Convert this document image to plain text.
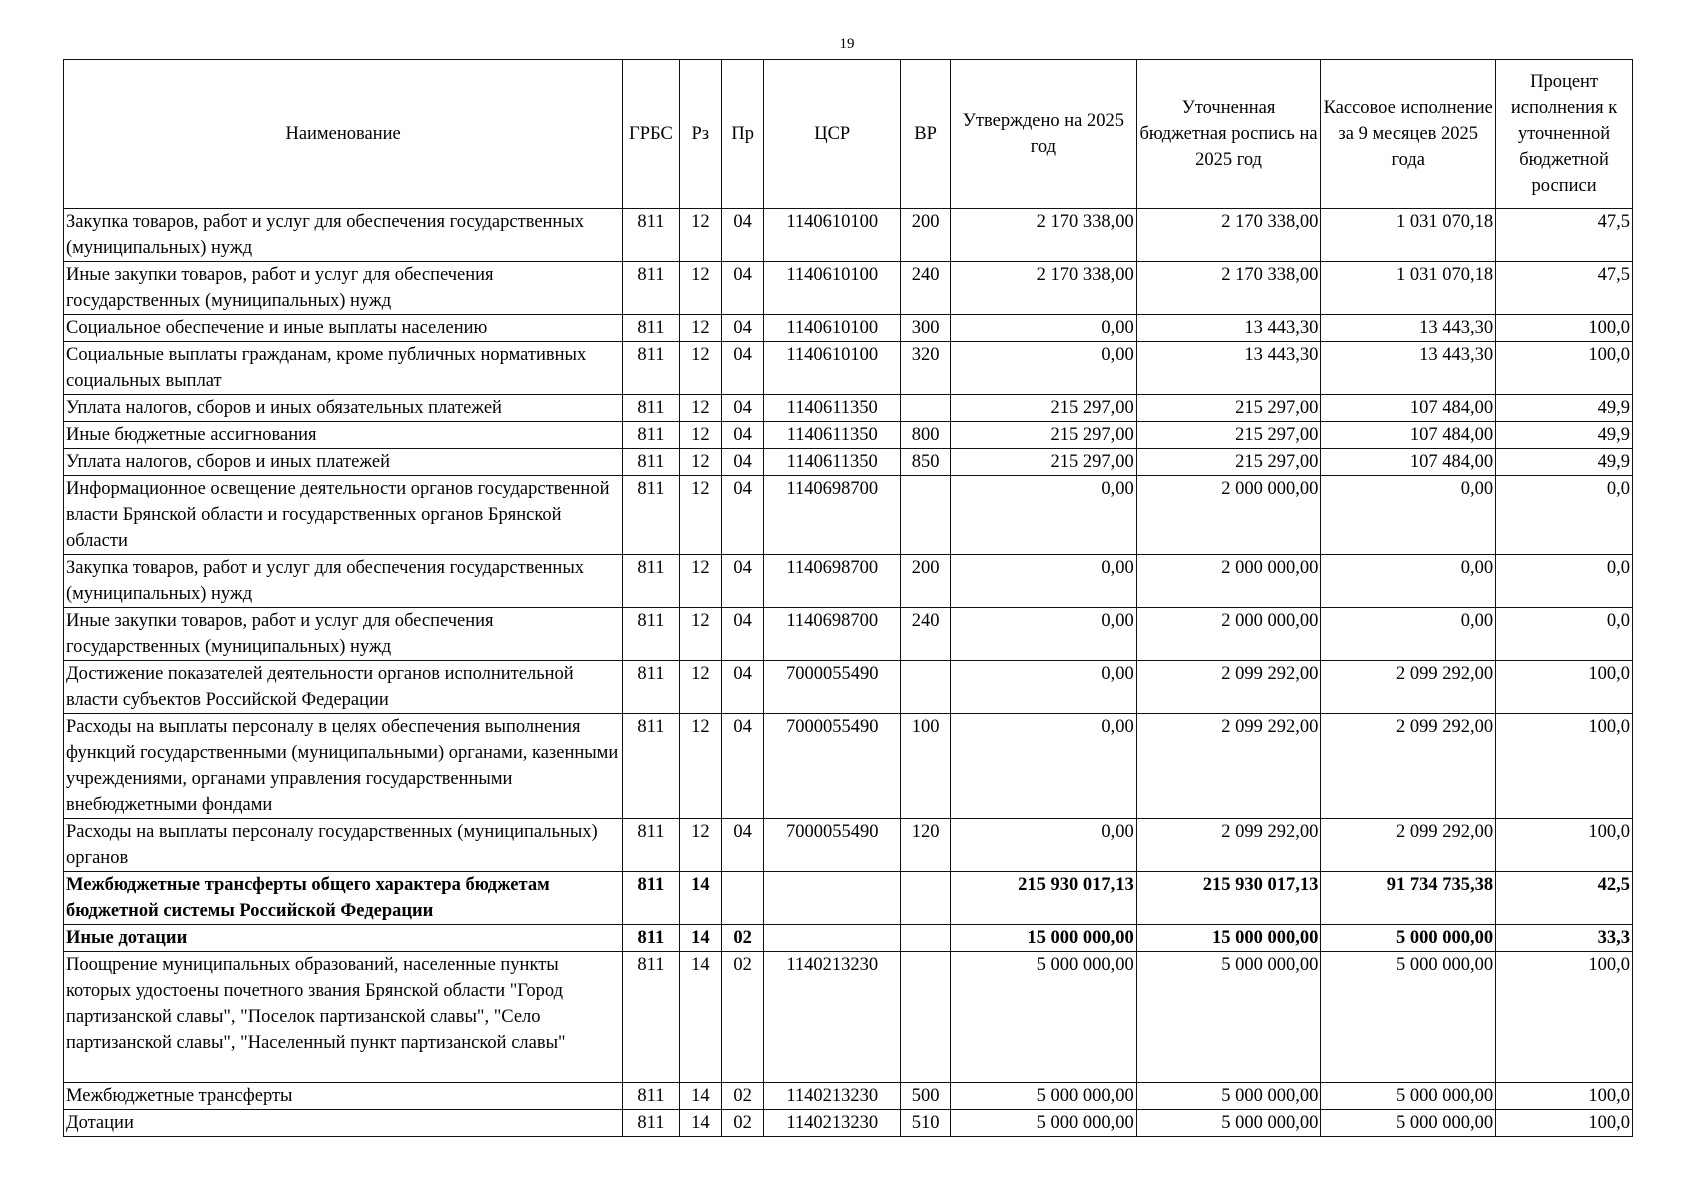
19
Наименование	ГРБС	Рз	Пр	ЦСР	ВР	Утверждено на 2025 год	Уточненная бюджетная роспись на 2025 год	Кассовое исполнение за 9 месяцев 2025 года	Процент исполнения к уточненной бюджетной росписи
Закупка товаров, работ и услуг для обеспечения государственных (муниципальных) нужд	811	12	04	1140610100	200	2 170 338,00	2 170 338,00	1 031 070,18	47,5
Иные закупки товаров, работ и услуг для обеспечения государственных (муниципальных) нужд	811	12	04	1140610100	240	2 170 338,00	2 170 338,00	1 031 070,18	47,5
Социальное обеспечение и иные выплаты населению	811	12	04	1140610100	300	0,00	13 443,30	13 443,30	100,0
Социальные выплаты гражданам, кроме публичных нормативных социальных выплат	811	12	04	1140610100	320	0,00	13 443,30	13 443,30	100,0
Уплата налогов, сборов и иных обязательных платежей	811	12	04	1140611350		215 297,00	215 297,00	107 484,00	49,9
Иные бюджетные ассигнования	811	12	04	1140611350	800	215 297,00	215 297,00	107 484,00	49,9
Уплата налогов, сборов и иных платежей	811	12	04	1140611350	850	215 297,00	215 297,00	107 484,00	49,9
Информационное освещение деятельности органов государственной власти Брянской области и государственных органов Брянской области	811	12	04	1140698700		0,00	2 000 000,00	0,00	0,0
Закупка товаров, работ и услуг для обеспечения государственных (муниципальных) нужд	811	12	04	1140698700	200	0,00	2 000 000,00	0,00	0,0
Иные закупки товаров, работ и услуг для обеспечения государственных (муниципальных) нужд	811	12	04	1140698700	240	0,00	2 000 000,00	0,00	0,0
Достижение показателей деятельности органов исполнительной власти субъектов Российской Федерации	811	12	04	7000055490		0,00	2 099 292,00	2 099 292,00	100,0
Расходы на выплаты персоналу в целях обеспечения выполнения функций государственными (муниципальными) органами, казенными учреждениями, органами управления государственными внебюджетными фондами	811	12	04	7000055490	100	0,00	2 099 292,00	2 099 292,00	100,0
Расходы на выплаты персоналу государственных (муниципальных) органов	811	12	04	7000055490	120	0,00	2 099 292,00	2 099 292,00	100,0
Межбюджетные трансферты общего характера бюджетам бюджетной системы Российской Федерации	811	14				215 930 017,13	215 930 017,13	91 734 735,38	42,5
Иные дотации	811	14	02			15 000 000,00	15 000 000,00	5 000 000,00	33,3
Поощрение муниципальных образований, населенные пункты которых удостоены почетного звания Брянской области "Город партизанской славы", "Поселок партизанской славы", "Село партизанской славы", "Населенный пункт партизанской славы"	811	14	02	1140213230		5 000 000,00	5 000 000,00	5 000 000,00	100,0
Межбюджетные трансферты	811	14	02	1140213230	500	5 000 000,00	5 000 000,00	5 000 000,00	100,0
Дотации	811	14	02	1140213230	510	5 000 000,00	5 000 000,00	5 000 000,00	100,0
